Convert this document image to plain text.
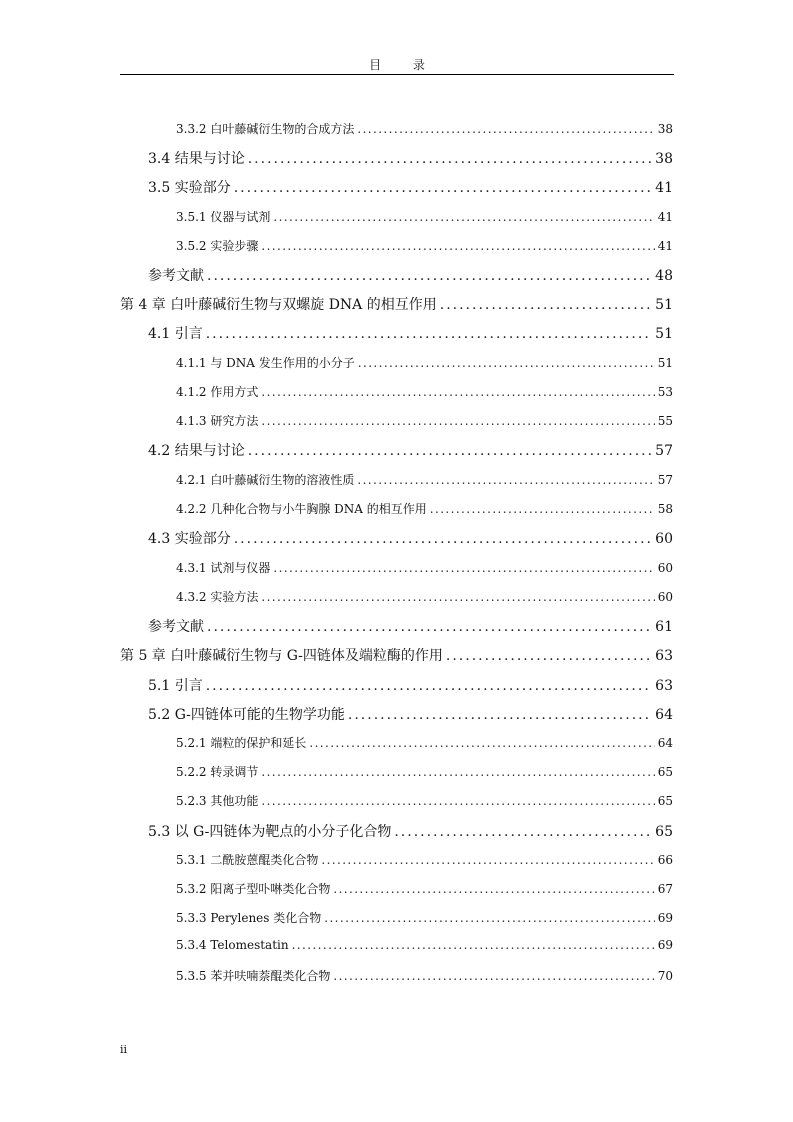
目 录
3.3.2 白叶藤碱衍生物的合成方法 .....	38
3.4 结果与讨论 .....	38
3.5 实验部分 .....	41
3.5.1 仪器与试剂 .....	41
3.5.2 实验步骤 .....	41
参考文献 .....	48
第 4 章 白叶藤碱衍生物与双螺旋 DNA 的相互作用 .....	51
4.1 引言 .....	51
4.1.1 与 DNA 发生作用的小分子 .....	51
4.1.2 作用方式 .....	53
4.1.3 研究方法 .....	55
4.2 结果与讨论 .....	57
4.2.1 白叶藤碱衍生物的溶液性质 .....	57
4.2.2 几种化合物与小牛胸腺 DNA 的相互作用 .....	58
4.3 实验部分 .....	60
4.3.1 试剂与仪器 .....	60
4.3.2 实验方法 .....	60
参考文献 .....	61
第 5 章 白叶藤碱衍生物与 G-四链体及端粒酶的作用 .....	63
5.1 引言 .....	63
5.2 G-四链体可能的生物学功能 .....	64
5.2.1 端粒的保护和延长 .....	64
5.2.2 转录调节 .....	65
5.2.3 其他功能 .....	65
5.3 以 G-四链体为靶点的小分子化合物 .....	65
5.3.1 二酰胺蒽醌类化合物 .....	66
5.3.2 阳离子型卟啉类化合物 .....	67
5.3.3 Perylenes 类化合物 .....	69
5.3.4 Telomestatin .....	69
5.3.5 苯并呋喃萘醌类化合物 .....	70
ii
